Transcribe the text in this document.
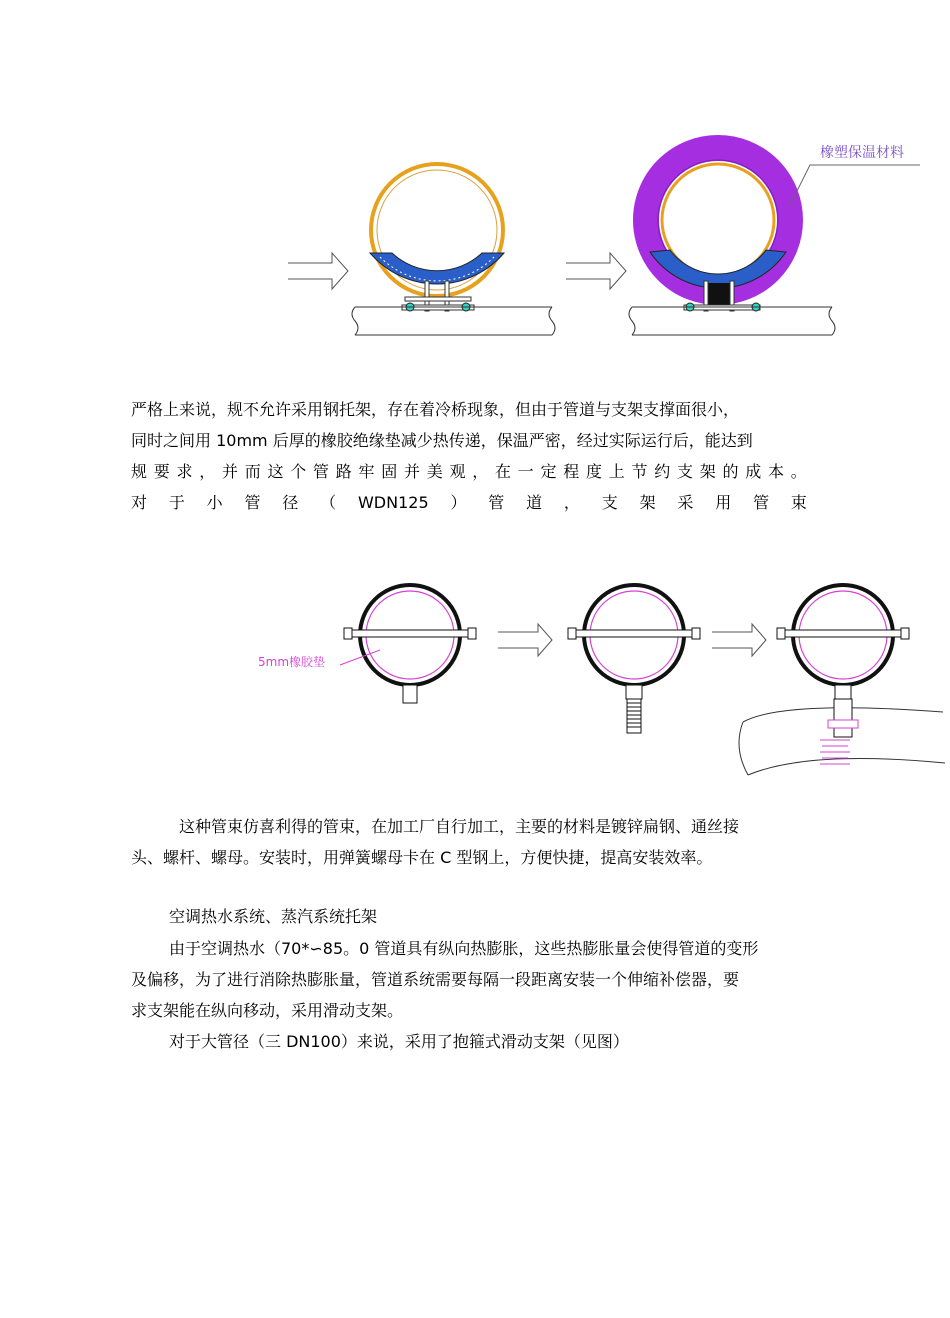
橡塑保温材料
严格上来说，规不允许采用钢托架，存在着冷桥现象，但由于管道与支架支撑面很小，
同时之间用 10mm 后厚的橡胶绝缘垫减少热传递，保温严密，经过实际运行后，能达到
规 要 求 ， 并 而 这 个 管 路 牢 固 并 美 观 ， 在 一 定 程 度 上 节 约 支 架 的 成 本 。
对 于 小 管 径 （ WDN125 ） 管 道 ， 支 架 采 用 管 束
5mm橡胶垫
这种管束仿喜利得的管束，在加工厂自行加工，主要的材料是镀锌扁钢、通丝接
头、螺杆、螺母。安装时，用弹簧螺母卡在 C 型钢上，方便快捷，提高安装效率。
空调热水系统、蒸汽系统托架
由于空调热水（70*∽85。0 管道具有纵向热膨胀，这些热膨胀量会使得管道的变形
及偏移，为了进行消除热膨胀量，管道系统需要每隔一段距离安装一个伸缩补偿器，要
求支架能在纵向移动，采用滑动支架。
对于大管径（三 DN100）来说，采用了抱箍式滑动支架（见图）
